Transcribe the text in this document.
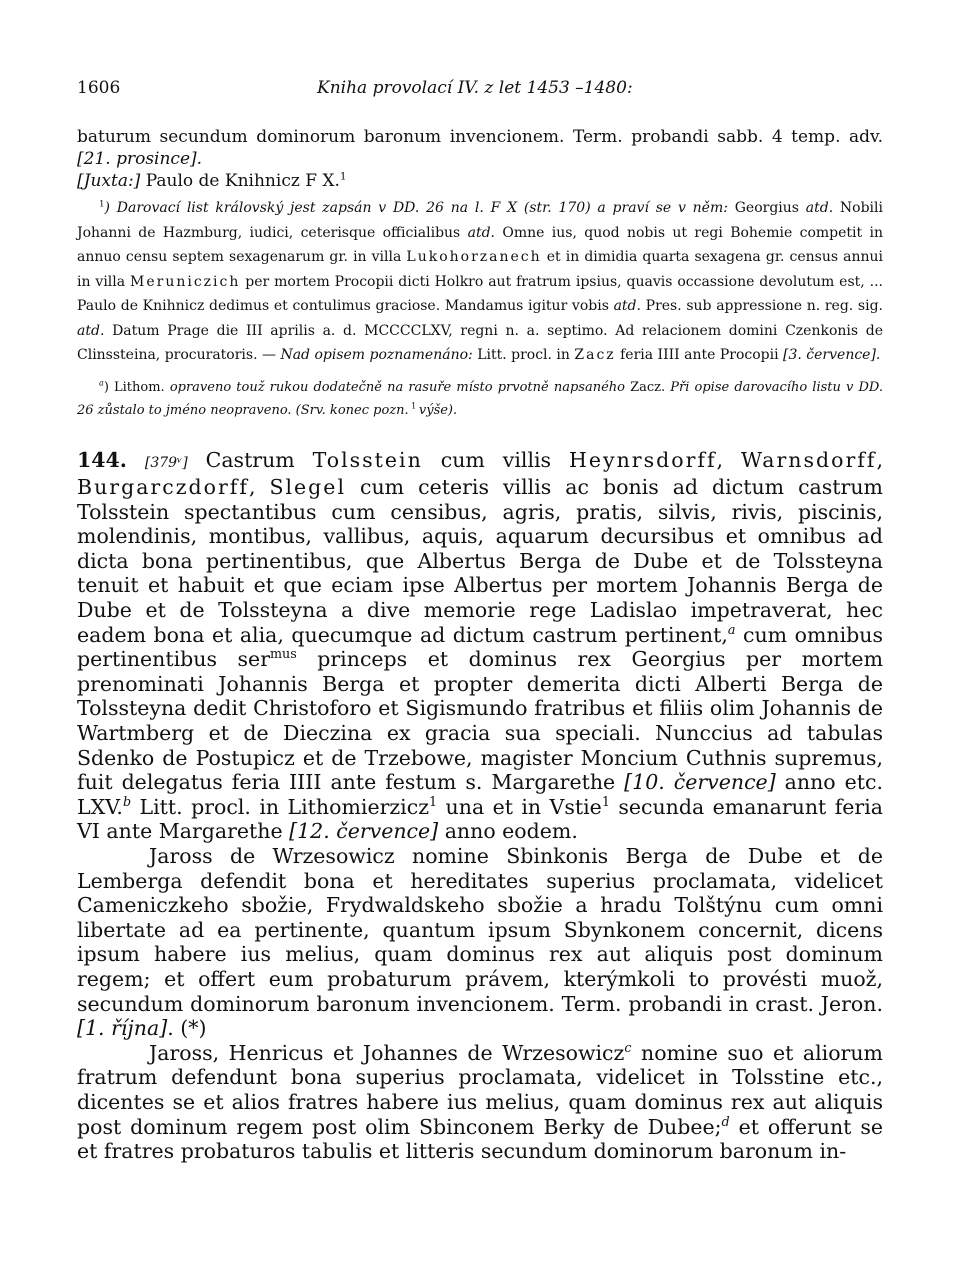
1606	Kniha provolací IV. z let 1453 –1480:

baturum secundum dominorum baronum invencionem. Term. probandi sabb. 4 temp. adv. [21. prosince].
[Juxta:] Paulo de Knihnicz F X.$^1$

$^1$) Darovací list královský jest zapsán v DD. 26 na l. F X (str. 170) a praví se v něm: Georgius atd. Nobili Johanni de Hazmburg, iudici, ceterisque officialibus atd. Omne ius, quod nobis ut regi Bohemie competit in annuo censu septem sexagenarum gr. in villa Lukohorzanech et in dimidia quarta sexagena gr. census annui in villa Meruniczich per mortem Procopii dicti Holkro aut fratrum ipsius, quavis occassione devolutum est, ... Paulo de Knihnicz dedimus et contulimus graciose. Mandamus igitur vobis atd. Pres. sub appressione n. reg. sig. atd. Datum Prage die III aprilis a. d. MCCCCLXV, regni n. a. septimo. Ad relacionem domini Czenkonis de Clinssteina, procuratoris. — Nad opisem poznamenáno: Litt. procl. in Zacz feria IIII ante Procopii [3. července].

$^a$) Lithom. opraveno touž rukou dodatečně na rasuře místo prvotně napsaného Zacz. Při opise darovacího listu v DD. 26 zůstalo to jméno neopraveno. (Srv. konec pozn. $^1$ výše).

144. [379ᵛ] Castrum Tolsstein cum villis Heynrsdorff, Warnsdorff, Burgarczdorff, Slegel cum ceteris villis ac bonis ad dictum castrum Tolsstein spectantibus cum censibus, agris, pratis, silvis, rivis, piscinis, molendinis, montibus, vallibus, aquis, aquarum decursibus et omnibus ad dicta bona pertinentibus, que Albertus Berga de Dube et de Tolssteyna tenuit et habuit et que eciam ipse Albertus per mortem Johannis Berga de Dube et de Tolssteyna a dive memorie rege Ladislao impetraverat, hec eadem bona et alia, quecumque ad dictum castrum pertinent,$^a$ cum omnibus pertinentibus ser$^{mus}$ princeps et dominus rex Georgius per mortem prenominati Johannis Berga et propter demerita dicti Alberti Berga de Tolssteyna dedit Christoforo et Sigismundo fratribus et filiis olim Johannis de Wartmberg et de Dieczina ex gracia sua speciali. Nunccius ad tabulas Sdenko de Postupicz et de Trzebowe, magister Moncium Cuthnis supremus, fuit delegatus feria IIII ante festum s. Margarethe [10. července] anno etc. LXV.$^b$ Litt. procl. in Lithomierzicz$^1$ una et in Vstie$^1$ secunda emanarunt feria VI ante Margarethe [12. července] anno eodem.

Jaross de Wrzesowicz nomine Sbinkonis Berga de Dube et de Lemberga defendit bona et hereditates superius proclamata, videlicet Cameniczkeho sbožie, Frydwaldskeho sbožie a hradu Tolštýnu cum omni libertate ad ea pertinente, quantum ipsum Sbynkonem concernit, dicens ipsum habere ius melius, quam dominus rex aut aliquis post dominum regem; et offert eum probaturum právem, kterýmkoli to provésti muož, secundum dominorum baronum invencionem. Term. probandi in crast. Jeron. [1. října]. (*)

Jaross, Henricus et Johannes de Wrzesowicz$^c$ nomine suo et aliorum fratrum defendunt bona superius proclamata, videlicet in Tolsstine etc., dicentes se et alios fratres habere ius melius, quam dominus rex aut aliquis post dominum regem post olim Sbinconem Berky de Dubee;$^d$ et offerunt se et fratres probaturos tabulis et litteris secundum dominorum baronum in-
